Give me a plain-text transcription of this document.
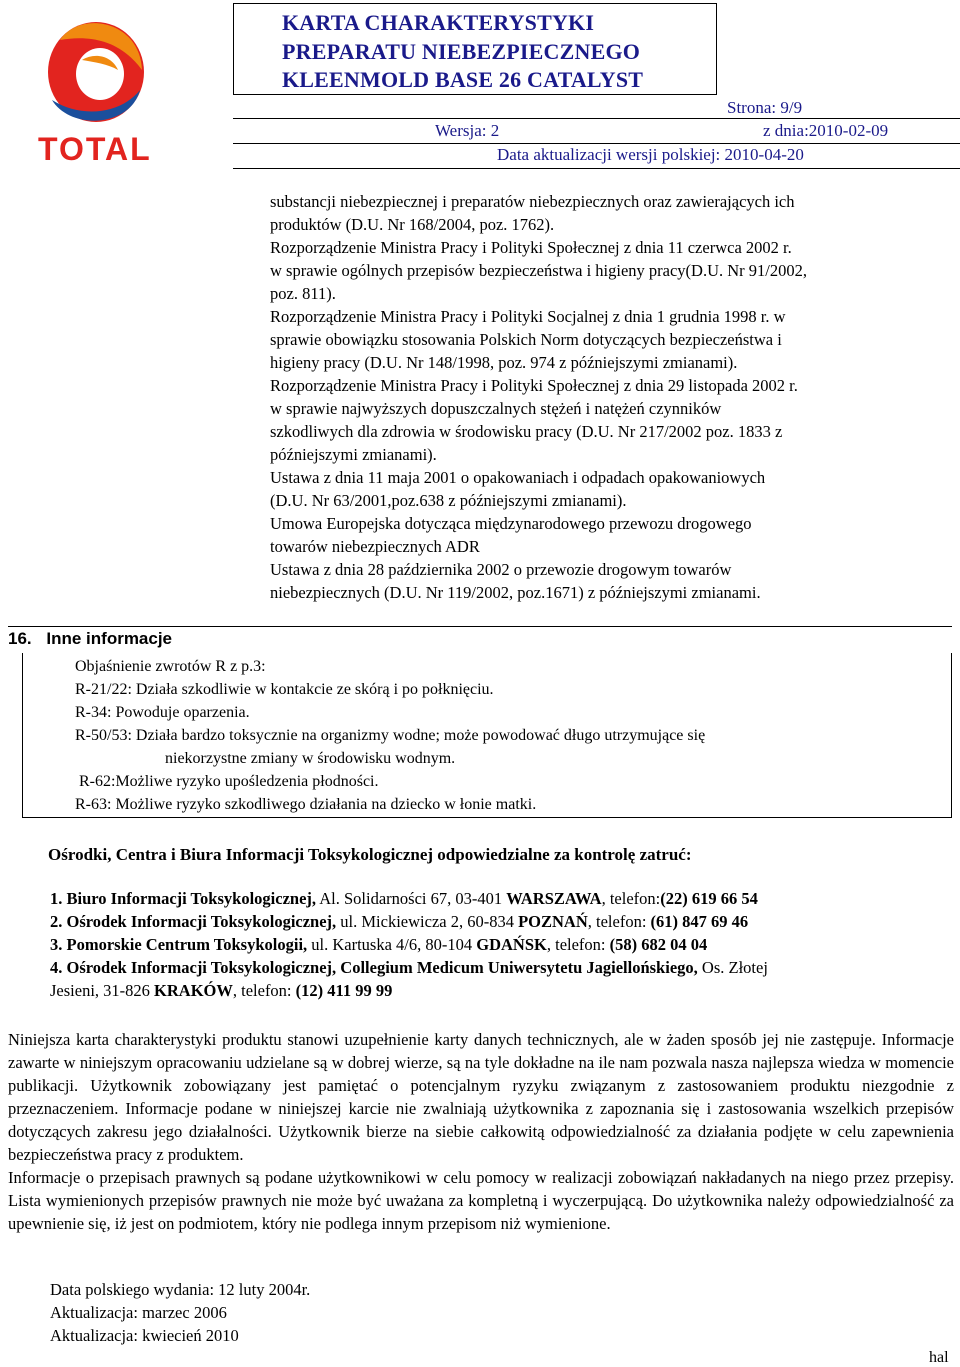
TOTAL
KARTA CHARAKTERYSTYKI
PREPARATU NIEBEZPIECZNEGO
KLEENMOLD BASE 26 CATALYST
Strona: 9/9
Wersja: 2	z dnia:2010-02-09
Data aktualizacji wersji polskiej: 2010-04-20

substancji niebezpiecznej i preparatów niebezpiecznych oraz zawierających ich

produktów (D.U. Nr 168/2004, poz. 1762).

Rozporządzenie Ministra Pracy i Polityki Społecznej z dnia 11 czerwca 2002 r.

w sprawie ogólnych przepisów bezpieczeństwa i higieny pracy(D.U. Nr 91/2002,

poz. 811).

Rozporządzenie Ministra Pracy i Polityki Socjalnej z dnia 1 grudnia 1998 r. w

sprawie obowiązku stosowania Polskich Norm dotyczących bezpieczeństwa i

higieny pracy (D.U. Nr 148/1998, poz. 974 z późniejszymi zmianami).

Rozporządzenie Ministra Pracy i Polityki Społecznej z dnia 29 listopada 2002 r.

w sprawie najwyższych dopuszczalnych stężeń i natężeń czynników

szkodliwych dla zdrowia w środowisku pracy (D.U. Nr 217/2002 poz. 1833 z

późniejszymi zmianami).

Ustawa z dnia 11 maja 2001 o opakowaniach i odpadach opakowaniowych

(D.U. Nr 63/2001,poz.638 z późniejszymi zmianami).

Umowa Europejska dotycząca międzynarodowego przewozu drogowego

towarów niebezpiecznych ADR

Ustawa z dnia 28 października 2002 o przewozie drogowym towarów

niebezpiecznych (D.U. Nr 119/2002, poz.1671) z późniejszymi zmianami.

16. Inne informacje
Objaśnienie zwrotów R z p.3:
R-21/22: Działa szkodliwie w kontakcie ze skórą i po połknięciu.
R-34: Powoduje oparzenia.
R-50/53: Działa bardzo toksycznie na organizmy wodne; może powodować długo utrzymujące się
niekorzystne zmiany w środowisku wodnym.
R-62:Możliwe ryzyko upośledzenia płodności.
R-63: Możliwe ryzyko szkodliwego działania na dziecko w łonie matki.
Ośrodki, Centra i Biura Informacji Toksykologicznej odpowiedzialne za kontrolę zatruć:
1. Biuro Informacji Toksykologicznej, Al. Solidarności 67, 03-401 WARSZAWA, telefon:(22) 619 66 54
2. Ośrodek Informacji Toksykologicznej, ul. Mickiewicza 2, 60-834 POZNAŃ, telefon: (61) 847 69 46
3. Pomorskie Centrum Toksykologii, ul. Kartuska 4/6, 80-104 GDAŃSK, telefon: (58) 682 04 04
4. Ośrodek Informacji Toksykologicznej, Collegium Medicum Uniwersytetu Jagiellońskiego, Os. Złotej
Jesieni, 31-826 KRAKÓW, telefon: (12) 411 99 99

Niniejsza karta charakterystyki produktu stanowi uzupełnienie karty danych technicznych, ale w żaden sposób jej nie zastępuje. Informacje zawarte w niniejszym opracowaniu udzielane są w dobrej wierze, są na tyle dokładne na ile nam pozwala nasza najlepsza wiedza w momencie publikacji. Użytkownik zobowiązany jest pamiętać o potencjalnym ryzyku związanym z zastosowaniem produktu niezgodnie z przeznaczeniem. Informacje podane w niniejszej karcie nie zwalniają użytkownika z zapoznania się i zastosowania wszelkich przepisów dotyczących zakresu jego działalności. Użytkownik bierze na siebie całkowitą odpowiedzialność za działania podjęte w celu zapewnienia bezpieczeństwa pracy z produktem.

Informacje o przepisach prawnych są podane użytkownikowi w celu pomocy w realizacji zobowiązań nakładanych na niego przez przepisy. Lista wymienionych przepisów prawnych nie może być uważana za kompletną i wyczerpującą. Do użytkownika należy odpowiedzialność za upewnienie się, iż jest on podmiotem, który nie podlega innym przepisom niż wymienione.

Data polskiego wydania: 12 luty 2004r.
Aktualizacja: marzec 2006
Aktualizacja: kwiecień 2010
hal
